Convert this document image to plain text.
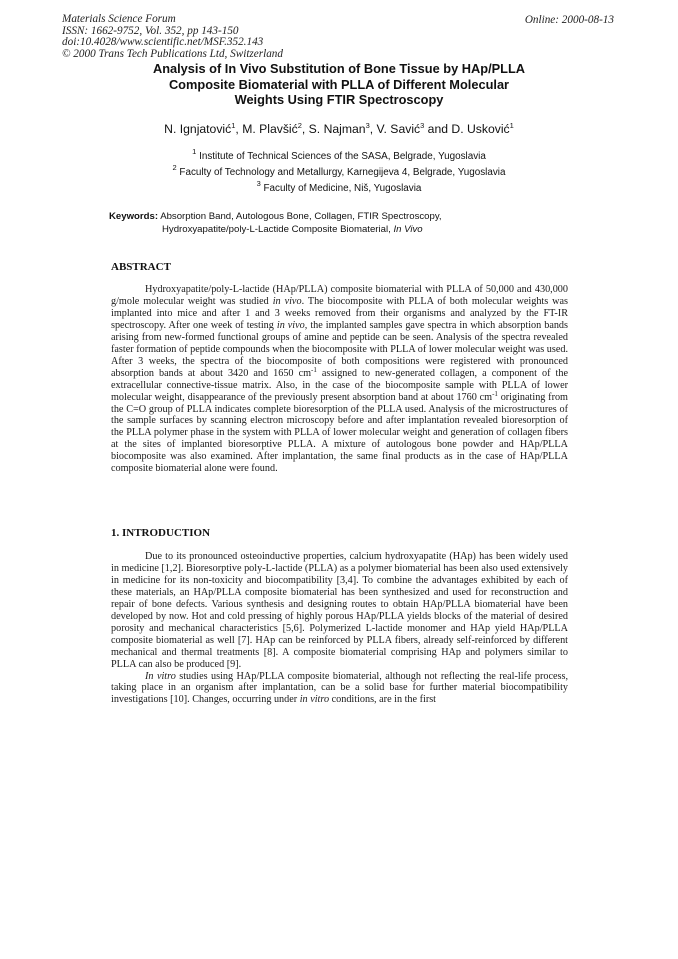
Materials Science Forum
ISSN: 1662-9752, Vol. 352, pp 143-150
doi:10.4028/www.scientific.net/MSF.352.143
© 2000 Trans Tech Publications Ltd, Switzerland
Online: 2000-08-13
Analysis of In Vivo Substitution of Bone Tissue by HAp/PLLA
Composite Biomaterial with PLLA of Different Molecular
Weights Using FTIR Spectroscopy
N. Ignjatović$^1$, M. Plavšić$^2$, S. Najman$^3$, V. Savić$^3$ and D. Usković$^1$
$^1$ Institute of Technical Sciences of the SASA, Belgrade, Yugoslavia
$^2$ Faculty of Technology and Metallurgy, Karnegijeva 4, Belgrade, Yugoslavia
$^3$ Faculty of Medicine, Niš, Yugoslavia
Keywords: Absorption Band, Autologous Bone, Collagen, FTIR Spectroscopy,
Hydroxyapatite/poly-L-Lactide Composite Biomaterial, In Vivo
ABSTRACT

Hydroxyapatite/poly-L-lactide (HAp/PLLA) composite biomaterial with PLLA of 50,000 and 430,000 g/mole molecular weight was studied in vivo. The biocomposite with PLLA of both molecular weights was implanted into mice and after 1 and 3 weeks removed from their organisms and analyzed by the FT-IR spectroscopy. After one week of testing in vivo, the implanted samples gave spectra in which absorption bands arising from new-formed functional groups of amine and peptide can be seen. Analysis of the spectra revealed faster formation of peptide compounds when the biocomposite with PLLA of lower molecular weight was used. After 3 weeks, the spectra of the biocomposite of both compositions were registered with pronounced absorption bands at about 3420 and 1650 $cm^{-1}$ assigned to new-generated collagen, a component of the extracellular connective-tissue matrix. Also, in the case of the biocomposite sample with PLLA of lower molecular weight, disappearance of the previously present absorption band at about 1760 $cm^{-1}$ originating from the C=O group of PLLA indicates complete bioresorption of the PLLA used. Analysis of the microstructures of the sample surfaces by scanning electron microscopy before and after implantation revealed bioresorption of the PLLA polymer phase in the system with PLLA of lower molecular weight and generation of collagen fibers at the sites of implanted bioresorptive PLLA. A mixture of autologous bone powder and HAp/PLLA biocomposite was also examined. After implantation, the same final products as in the case of HAp/PLLA composite biomaterial alone were found.

1. INTRODUCTION

Due to its pronounced osteoinductive properties, calcium hydroxyapatite (HAp) has been widely used in medicine [1,2]. Bioresorptive poly-L-lactide (PLLA) as a polymer biomaterial has been also used extensively in medicine for its non-toxicity and biocompatibility [3,4]. To combine the advantages exhibited by each of these materials, an HAp/PLLA composite biomaterial has been synthesized and used for reconstruction and repair of bone defects. Various synthesis and designing routes to obtain HAp/PLLA biomaterial have been developed by now. Hot and cold pressing of highly porous HAp/PLLA yields blocks of the material of desired porosity and mechanical characteristics [5,6]. Polymerized L-lactide monomer and HAp yield HAp/PLLA composite biomaterial as well [7]. HAp can be reinforced by PLLA fibers, already self-reinforced by different mechanical and thermal treatments [8]. A composite biomaterial comprising HAp and polymers similar to PLLA can also be produced [9].

In vitro studies using HAp/PLLA composite biomaterial, although not reflecting the real-life process, taking place in an organism after implantation, can be a solid base for further material biocompatibility investigations [10]. Changes, occurring under in vitro conditions, are in the first
